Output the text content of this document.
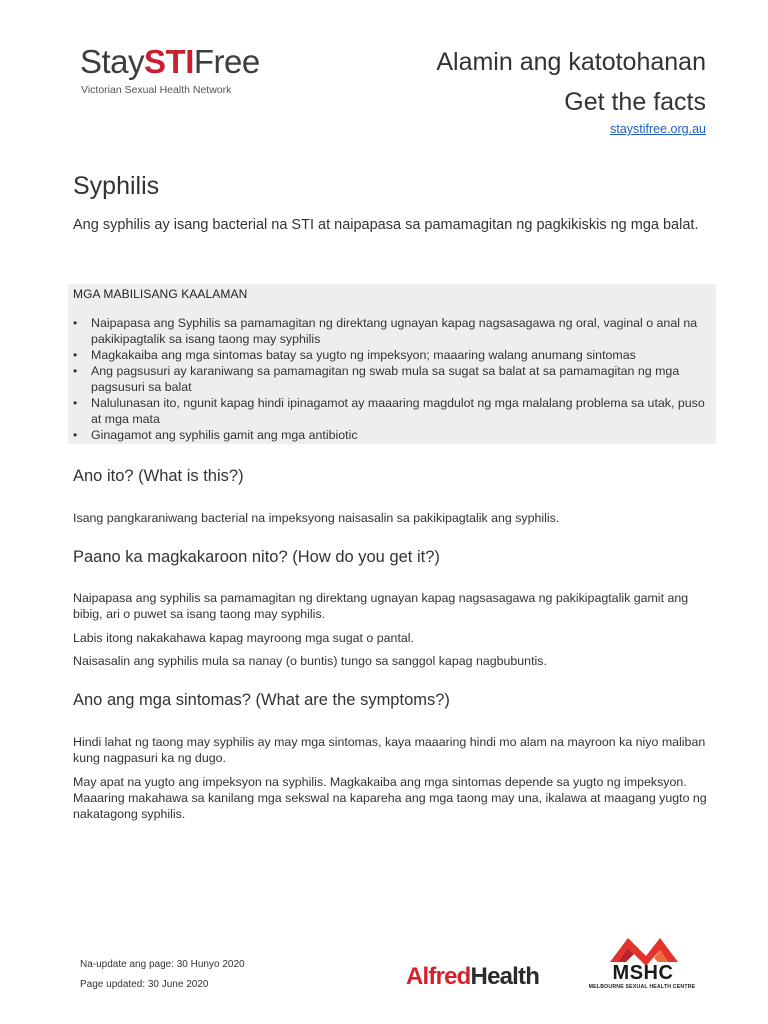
StaySTIFree
Victorian Sexual Health Network
Alamin ang katotohanan
Get the facts
staystifree.org.au
Syphilis
Ang syphilis ay isang bacterial na STI at naipapasa sa pamamagitan ng pagkikiskis ng mga balat.
MGA MABILISANG KAALAMAN
• Naipapasa ang Syphilis sa pamamagitan ng direktang ugnayan kapag nagsasagawa ng oral, vaginal o anal na pakikipagtalik sa isang taong may syphilis
• Magkakaiba ang mga sintomas batay sa yugto ng impeksyon; maaaring walang anumang sintomas
• Ang pagsusuri ay karaniwang sa pamamagitan ng swab mula sa sugat sa balat at sa pamamagitan ng mga pagsusuri sa balat
• Nalulunasan ito, ngunit kapag hindi ipinagamot ay maaaring magdulot ng mga malalang problema sa utak, puso at mga mata
• Ginagamot ang syphilis gamit ang mga antibiotic
Ano ito? (What is this?)
Isang pangkaraniwang bacterial na impeksyong naisasalin sa pakikipagtalik ang syphilis.
Paano ka magkakaroon nito? (How do you get it?)
Naipapasa ang syphilis sa pamamagitan ng direktang ugnayan kapag nagsasagawa ng pakikipagtalik gamit ang bibig, ari o puwet sa isang taong may syphilis.
Labis itong nakakahawa kapag mayroong mga sugat o pantal.
Naisasalin ang syphilis mula sa nanay (o buntis) tungo sa sanggol kapag nagbubuntis.
Ano ang mga sintomas? (What are the symptoms?)
Hindi lahat ng taong may syphilis ay may mga sintomas, kaya maaaring hindi mo alam na mayroon ka niyo maliban kung nagpasuri ka ng dugo.
May apat na yugto ang impeksyon na syphilis. Magkakaiba ang mga sintomas depende sa yugto ng impeksyon. Maaaring makahawa sa kanilang mga sekswal na kapareha ang mga taong may una, ikalawa at maagang yugto ng nakatagong syphilis.
Na-update ang page: 30 Hunyo 2020
Page updated: 30 June 2020	AlfredHealth	MSHC
MELBOURNE SEXUAL HEALTH CENTRE
